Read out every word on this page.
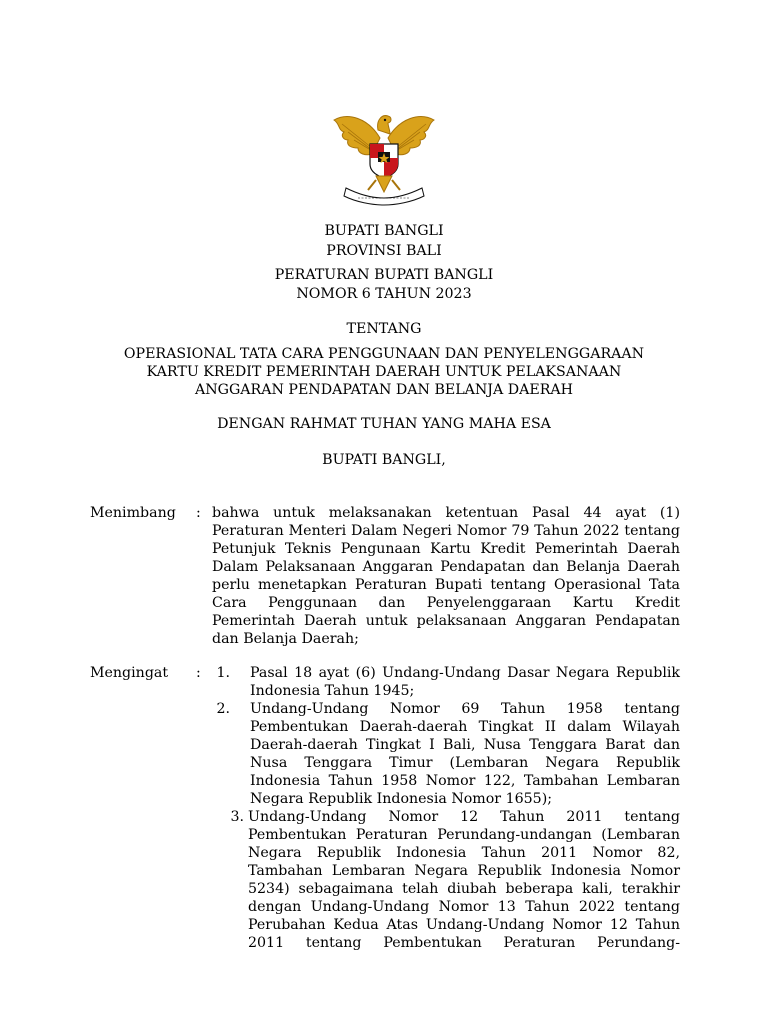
BUPATI BANGLI
PROVINSI BALI
PERATURAN BUPATI BANGLI
NOMOR 6 TAHUN 2023
TENTANG
OPERASIONAL TATA CARA PENGGUNAAN DAN PENYELENGGARAAN
KARTU KREDIT PEMERINTAH DAERAH UNTUK PELAKSANAAN
ANGGARAN PENDAPATAN DAN BELANJA DAERAH
DENGAN RAHMAT TUHAN YANG MAHA ESA
BUPATI BANGLI,
Menimbang : bahwa untuk melaksanakan ketentuan Pasal 44 ayat (1)
Peraturan Menteri Dalam Negeri Nomor 79 Tahun 2022 tentang
Petunjuk Teknis Pengunaan Kartu Kredit Pemerintah Daerah
Dalam Pelaksanaan Anggaran Pendapatan dan Belanja Daerah
perlu menetapkan Peraturan Bupati tentang Operasional Tata
Cara Penggunaan dan Penyelenggaraan Kartu Kredit
Pemerintah Daerah untuk pelaksanaan Anggaran Pendapatan
dan Belanja Daerah;
Mengingat :	1. Pasal 18 ayat (6) Undang-Undang Dasar Negara Republik
Indonesia Tahun 1945;
2. Undang-Undang Nomor 69 Tahun 1958 tentang
Pembentukan Daerah-daerah Tingkat II dalam Wilayah
Daerah-daerah Tingkat I Bali, Nusa Tenggara Barat dan
Nusa Tenggara Timur (Lembaran Negara Republik
Indonesia Tahun 1958 Nomor 122, Tambahan Lembaran
Negara Republik Indonesia Nomor 1655);
3. Undang-Undang Nomor 12 Tahun 2011 tentang
Pembentukan Peraturan Perundang-undangan (Lembaran
Negara Republik Indonesia Tahun 2011 Nomor 82,
Tambahan Lembaran Negara Republik Indonesia Nomor
5234) sebagaimana telah diubah beberapa kali, terakhir
dengan Undang-Undang Nomor 13 Tahun 2022 tentang
Perubahan Kedua Atas Undang-Undang Nomor 12 Tahun
2011 tentang Pembentukan Peraturan Perundang-
